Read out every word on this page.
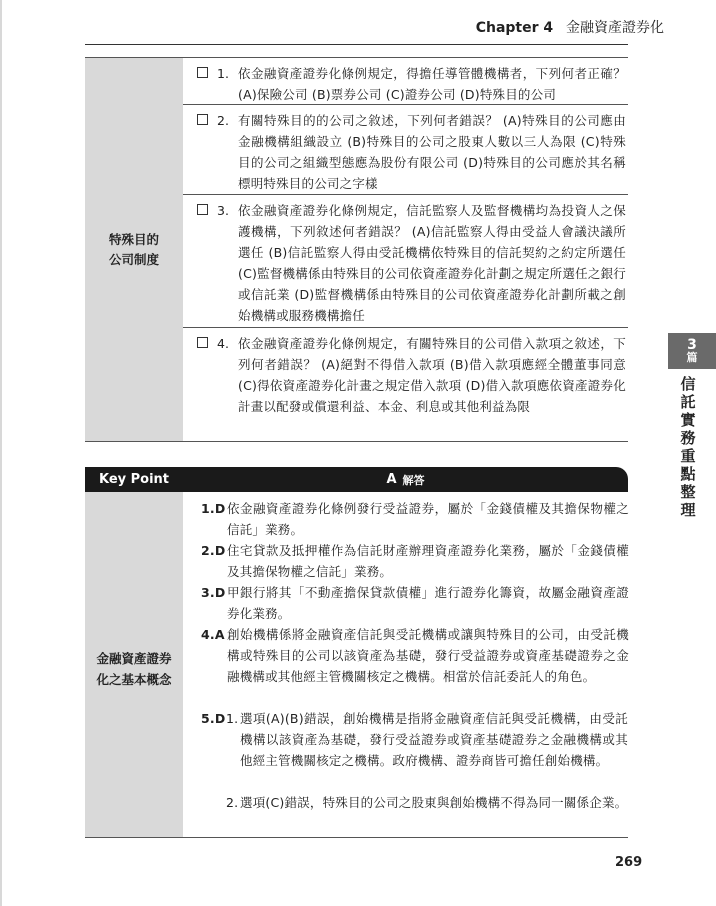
Chapter 4 金融資產證券化
特殊目的
公司制度
1. 依金融資產證券化條例規定，得擔任導管體機構者，下列何者正確？ (A)保險公司 (B)票券公司 (C)證券公司 (D)特殊目的公司
2. 有關特殊目的的公司之敘述，下列何者錯誤？ (A)特殊目的公司應由金融機構組織設立 (B)特殊目的公司之股東人數以三人為限 (C)特殊目的公司之組織型態應為股份有限公司 (D)特殊目的公司應於其名稱標明特殊目的公司之字樣
3. 依金融資產證券化條例規定，信託監察人及監督機構均為投資人之保護機構，下列敘述何者錯誤？ (A)信託監察人得由受益人會議決議所選任 (B)信託監察人得由受託機構依特殊目的信託契約之約定所選任 (C)監督機構係由特殊目的公司依資產證券化計劃之規定所選任之銀行或信託業 (D)監督機構係由特殊目的公司依資產證券化計劃所載之創始機構或服務機構擔任
4. 依金融資產證券化條例規定，有關特殊目的公司借入款項之敘述，下列何者錯誤？ (A)絕對不得借入款項 (B)借入款項應經全體董事同意 (C)得依資產證券化計畫之規定借入款項 (D)借入款項應依資產證券化計畫以配發或償還利益、本金、利息或其他利益為限
3
篇
信
託
實
務
重
點
整
理
Key Point	A 解答
金融資產證券
化之基本概念
1.D 依金融資產證券化條例發行受益證券，屬於「金錢債權及其擔保物權之信託」業務。
2.D 住宅貸款及抵押權作為信託財產辦理資產證券化業務，屬於「金錢債權及其擔保物權之信託」業務。
3.D 甲銀行將其「不動產擔保貸款債權」進行證券化籌資，故屬金融資產證券化業務。
4.A 創始機構係將金融資產信託與受託機構或讓與特殊目的公司，由受託機構或特殊目的公司以該資產為基礎，發行受益證券或資產基礎證券之金融機構或其他經主管機關核定之機構。相當於信託委託人的角色。
5.D 1. 選項(A)(B)錯誤，創始機構是指將金融資產信託與受託機構，由受託機構以該資產為基礎，發行受益證券或資產基礎證券之金融機構或其他經主管機關核定之機構。政府機構、證券商皆可擔任創始機構。
2. 選項(C)錯誤，特殊目的公司之股東與創始機構不得為同一關係企業。
269
